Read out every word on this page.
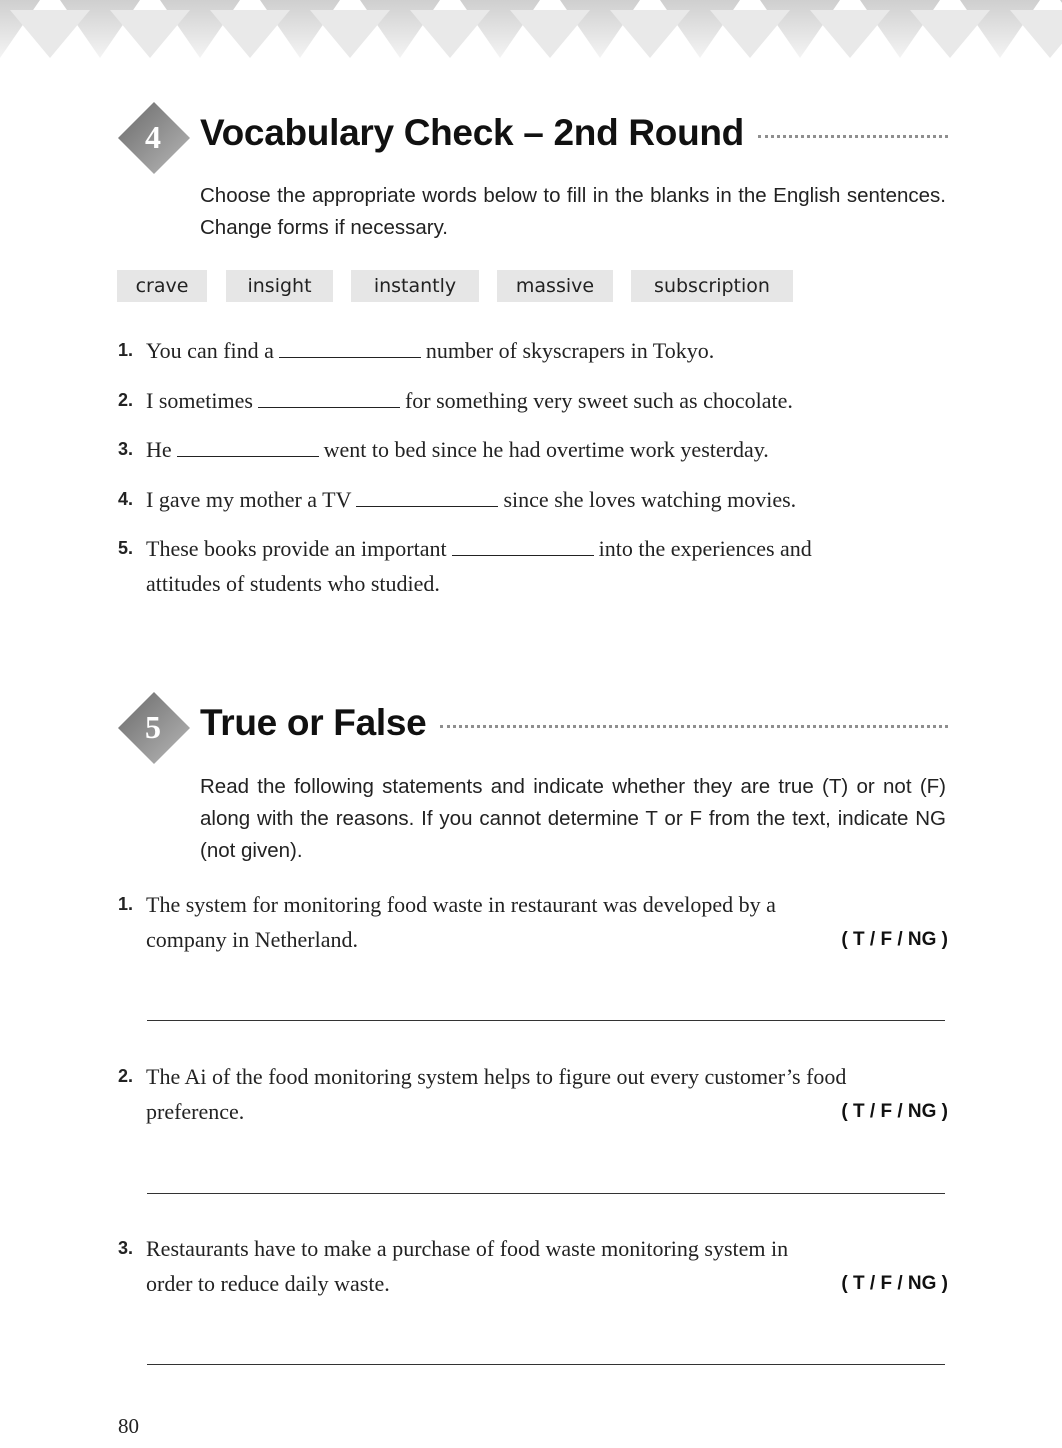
4	Vocabulary Check – 2nd Round

Choose the appropriate words below to fill in the blanks in the English sentences. Change forms if necessary.

crave	insight	instantly	massive	subscription
1. You can find a	number of skyscrapers in Tokyo.
2. I sometimes	for something very sweet such as chocolate.
3. He	went to bed since he had overtime work yesterday.
4. I gave my mother a TV	since she loves watching movies.
5. These books provide an important	into the experiences and
attitudes of students who studied.
5	True or False

Read the following statements and indicate whether they are true (T) or not (F) along with the reasons. If you cannot determine T or F from the text, indicate NG (not given).

1. The system for monitoring food waste in restaurant was developed by a
company in Netherland.	( T / F / NG )
2. The Ai of the food monitoring system helps to figure out every customer’s food
preference.	( T / F / NG )
3. Restaurants have to make a purchase of food waste monitoring system in
order to reduce daily waste.	( T / F / NG )
80
